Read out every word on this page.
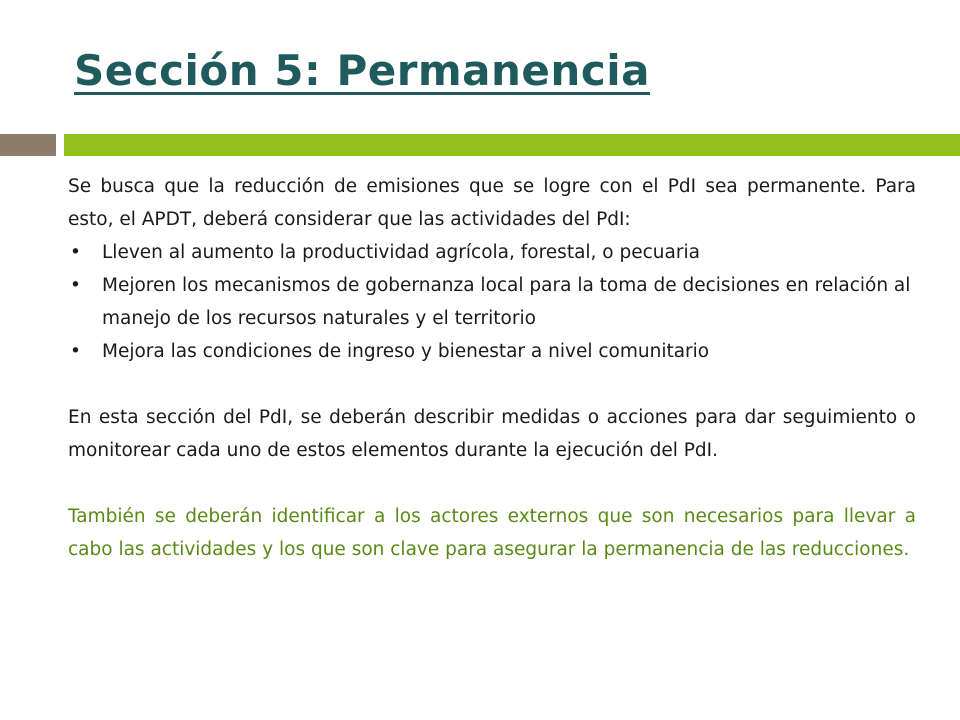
Sección 5: Permanencia

Se busca que la reducción de emisiones que se logre con el PdI sea permanente. Para esto, el APDT, deberá considerar que las actividades del PdI:

• Lleven al aumento la productividad agrícola, forestal, o pecuaria
• Mejoren los mecanismos de gobernanza local para la toma de decisiones en relación al manejo de los recursos naturales y el territorio
• Mejora las condiciones de ingreso y bienestar a nivel comunitario

En esta sección del PdI, se deberán describir medidas o acciones para dar seguimiento o monitorear cada uno de estos elementos durante la ejecución del PdI.

También se deberán identificar a los actores externos que son necesarios para llevar a cabo las actividades y los que son clave para asegurar la permanencia de las reducciones.
